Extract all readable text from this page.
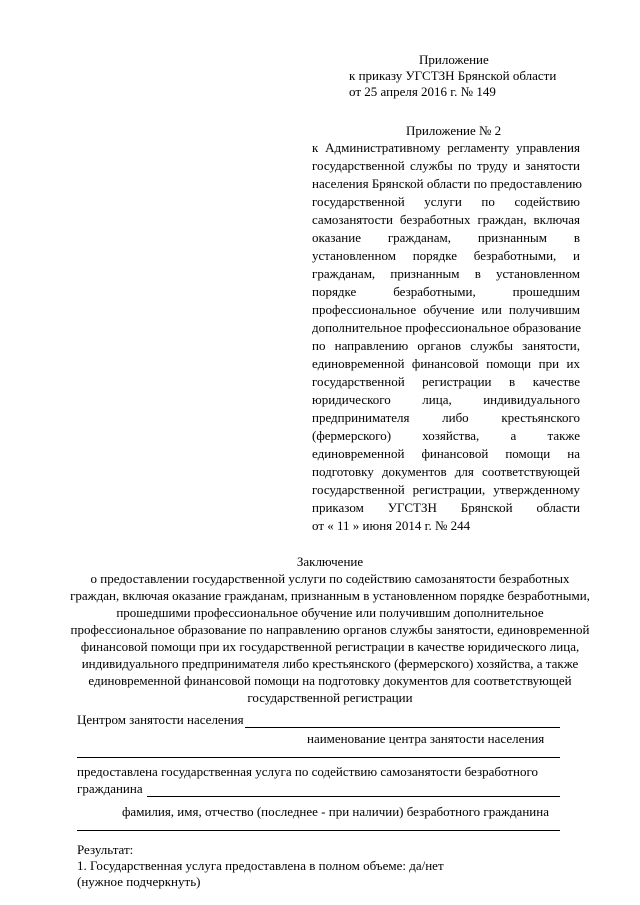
Приложение
к приказу УГСТЗН Брянской области
от 25 апреля 2016 г. № 149
Приложение № 2
к Административному регламенту управления
государственной службы по труду и занятости
населения Брянской области по предоставлению
государственной услуги по содействию
самозанятости безработных граждан, включая
оказание гражданам, признанным в
установленном порядке безработными, и
гражданам, признанным в установленном
порядке безработными, прошедшим
профессиональное обучение или получившим
дополнительное профессиональное образование
по направлению органов службы занятости,
единовременной финансовой помощи при их
государственной регистрации в качестве
юридического лица, индивидуального
предпринимателя либо крестьянского
(фермерского) хозяйства, а также
единовременной финансовой помощи на
подготовку документов для соответствующей
государственной регистрации, утвержденному
приказом УГСТЗН Брянской области
от « 11 » июня 2014 г. № 244
Заключение
о предоставлении государственной услуги по содействию самозанятости безработных
граждан, включая оказание гражданам, признанным в установленном порядке безработными,
прошедшими профессиональное обучение или получившим дополнительное
профессиональное образование по направлению органов службы занятости, единовременной
финансовой помощи при их государственной регистрации в качестве юридического лица,
индивидуального предпринимателя либо крестьянского (фермерского) хозяйства, а также
единовременной финансовой помощи на подготовку документов для соответствующей
государственной регистрации
Центром занятости населения
наименование центра занятости населения
предоставлена государственная услуга по содействию самозанятости безработного
гражданина
фамилия, имя, отчество (последнее - при наличии) безработного гражданина
Результат:
1. Государственная услуга предоставлена в полном объеме: да/нет
(нужное подчеркнуть)
